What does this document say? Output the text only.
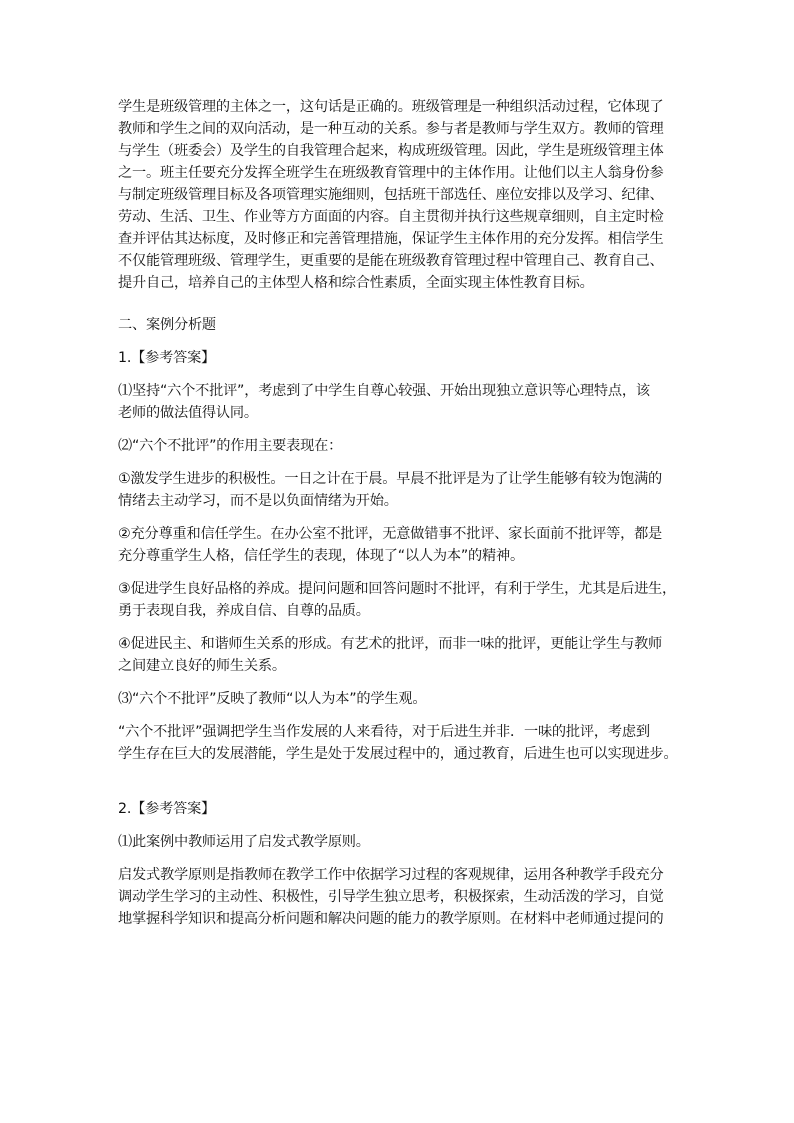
学生是班级管理的主体之一，这句话是正确的。班级管理是一种组织活动过程，它体现了
教师和学生之间的双向活动，是一种互动的关系。参与者是教师与学生双方。教师的管理
与学生（班委会）及学生的自我管理合起来，构成班级管理。因此，学生是班级管理主体
之一。班主任要充分发挥全班学生在班级教育管理中的主体作用。让他们以主人翁身份参
与制定班级管理目标及各项管理实施细则，包括班干部选任、座位安排以及学习、纪律、
劳动、生活、卫生、作业等方方面面的内容。自主贯彻并执行这些规章细则，自主定时检
查并评估其达标度，及时修正和完善管理措施，保证学生主体作用的充分发挥。相信学生
不仅能管理班级、管理学生，更重要的是能在班级教育管理过程中管理自己、教育自己、
提升自己，培养自己的主体型人格和综合性素质，全面实现主体性教育目标。
二、案例分析题
1.【参考答案】
⑴坚持“六个不批评”，考虑到了中学生自尊心较强、开始出现独立意识等心理特点，该
老师的做法值得认同。
⑵“六个不批评”的作用主要表现在：
①激发学生进步的积极性。一日之计在于晨。早晨不批评是为了让学生能够有较为饱满的
情绪去主动学习，而不是以负面情绪为开始。
②充分尊重和信任学生。在办公室不批评，无意做错事不批评、家长面前不批评等，都是
充分尊重学生人格，信任学生的表现，体现了“以人为本”的精神。
③促进学生良好品格的养成。提问问题和回答问题时不批评，有利于学生，尤其是后进生，
勇于表现自我，养成自信、自尊的品质。
④促进民主、和谐师生关系的形成。有艺术的批评，而非一味的批评，更能让学生与教师
之间建立良好的师生关系。
⑶“六个不批评”反映了教师“以人为本”的学生观。
“六个不批评”强调把学生当作发展的人来看待，对于后进生并非．一味的批评，考虑到
学生存在巨大的发展潜能，学生是处于发展过程中的，通过教育，后进生也可以实现进步。
2.【参考答案】
⑴此案例中教师运用了启发式教学原则。
启发式教学原则是指教师在教学工作中依据学习过程的客观规律，运用各种教学手段充分
调动学生学习的主动性、积极性，引导学生独立思考，积极探索，生动活泼的学习，自觉
地掌握科学知识和提高分析问题和解决问题的能力的教学原则。在材料中老师通过提问的
